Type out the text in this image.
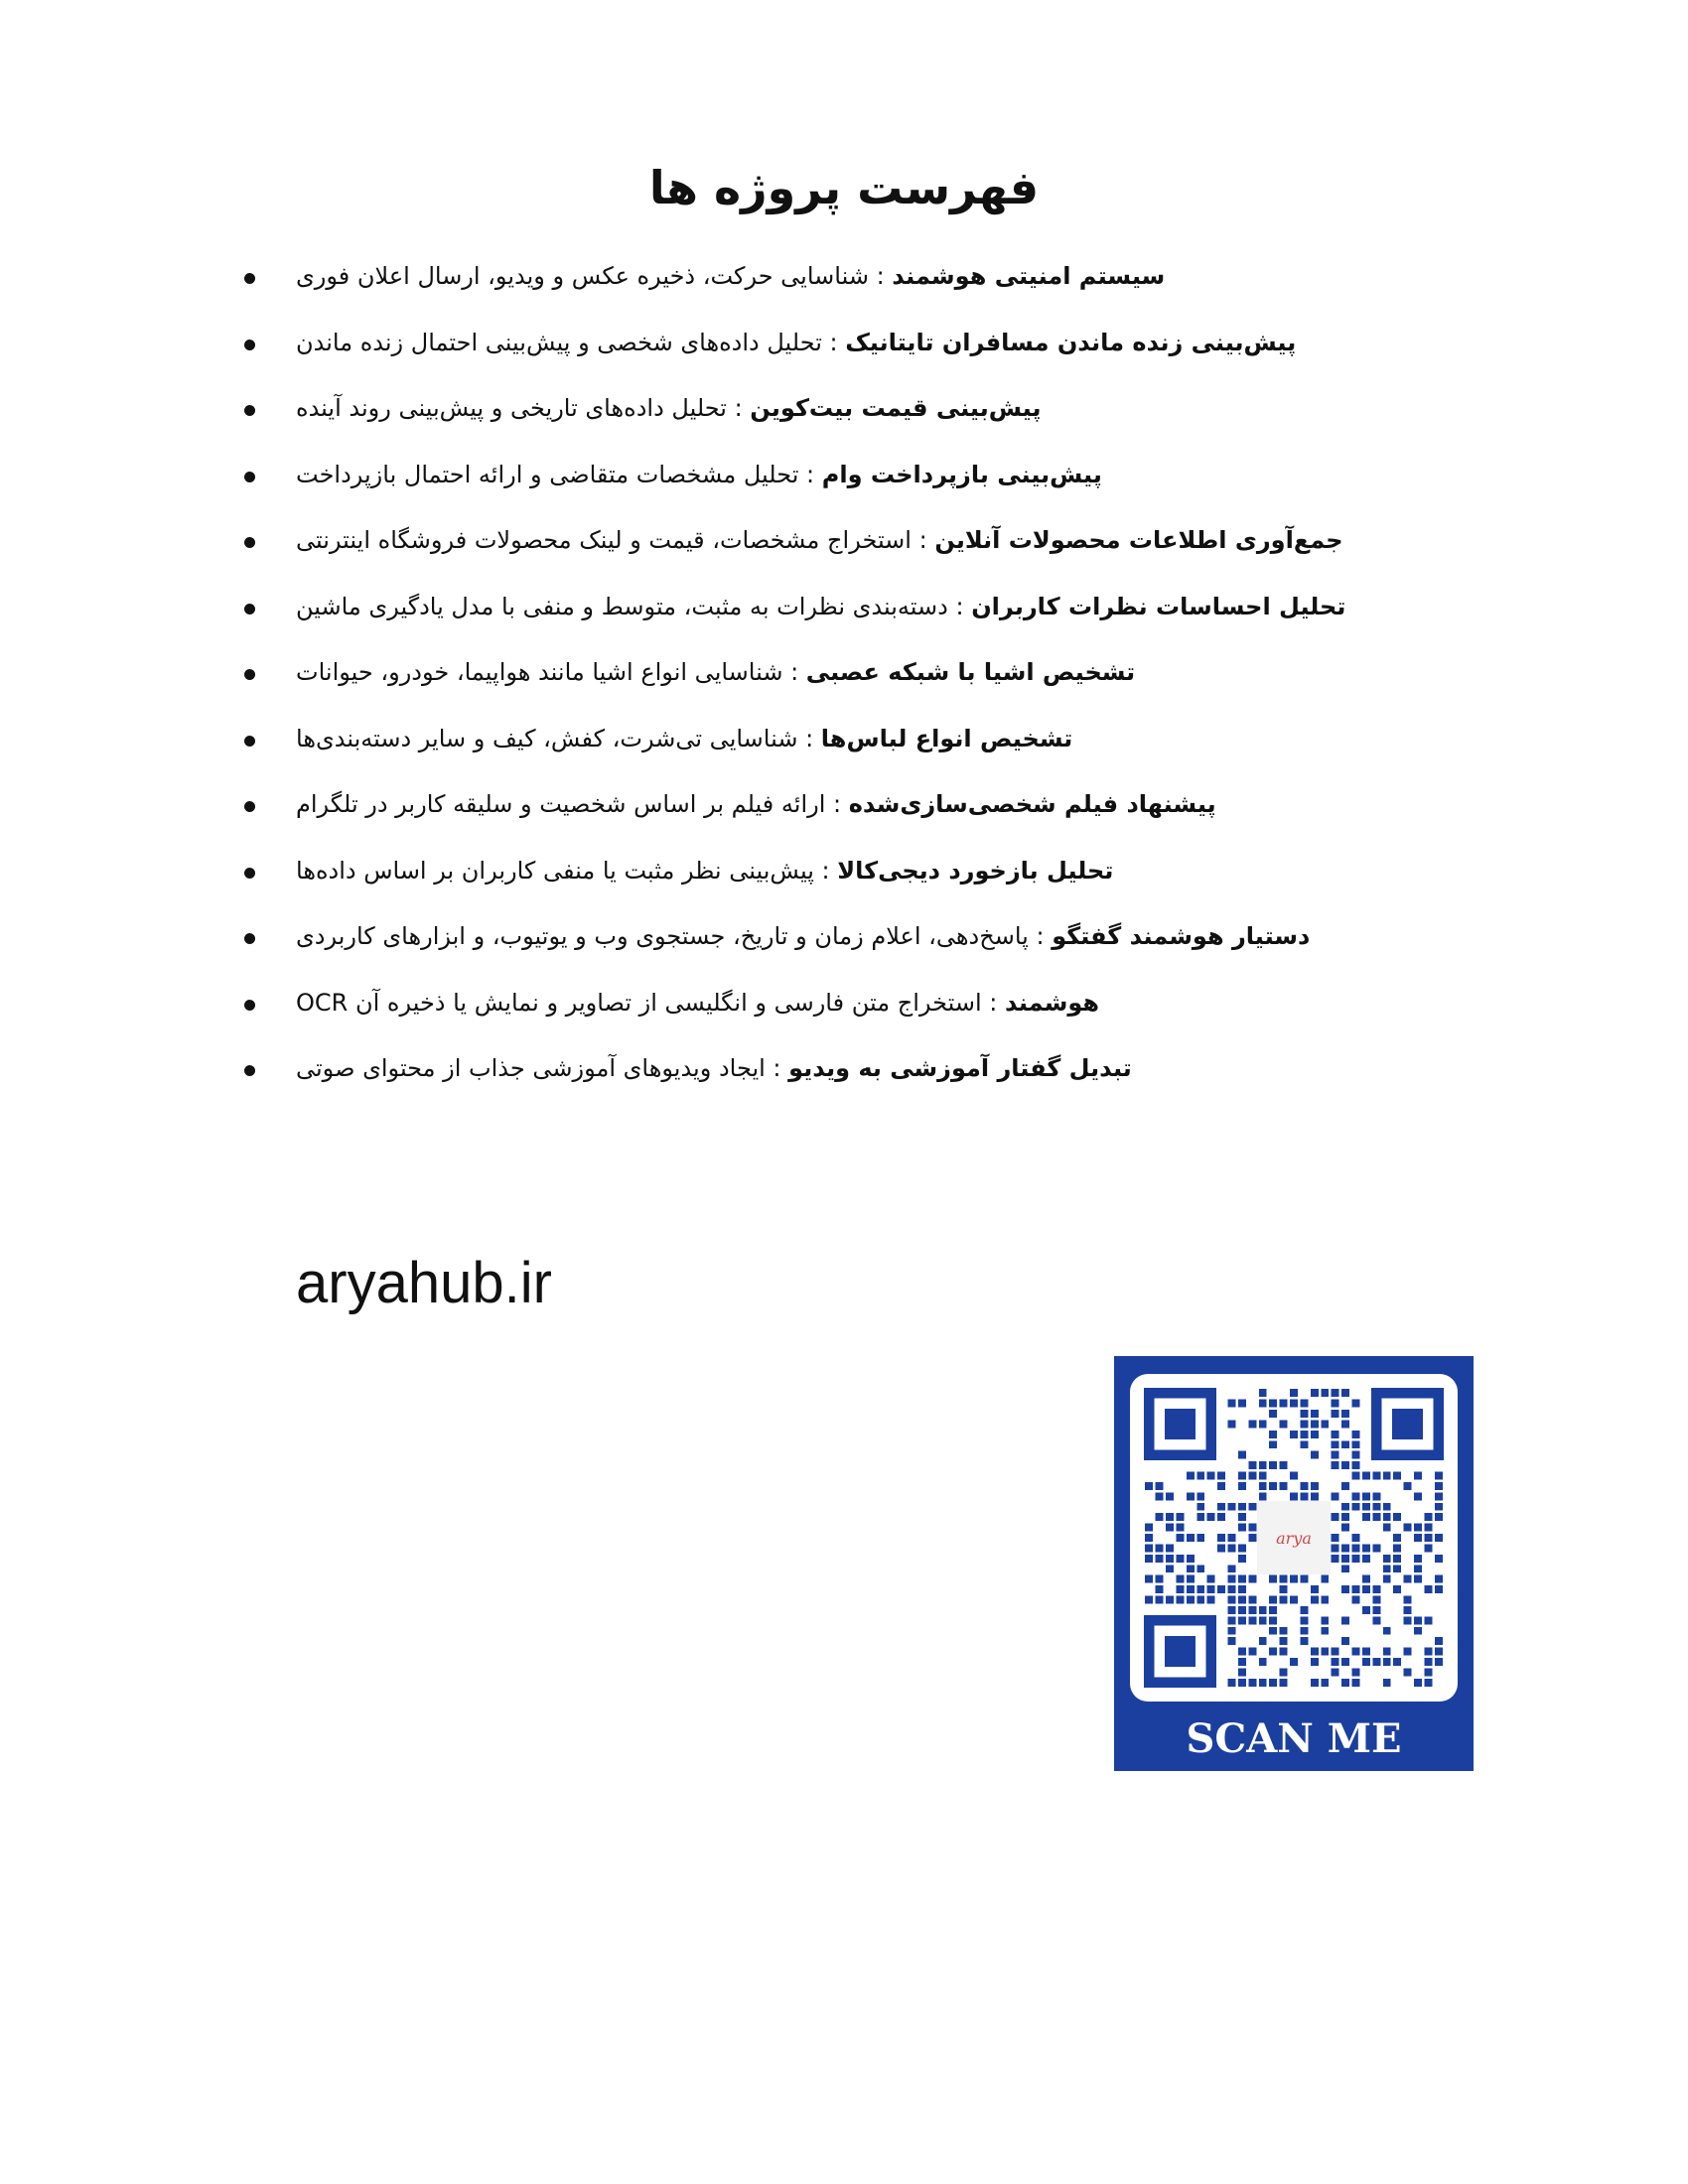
فهرست پروژه ها
سیستم امنیتی هوشمند : شناسایی حرکت، ذخیره عکس و ویدیو، ارسال اعلان فوری
پیش‌بینی زنده ماندن مسافران تایتانیک : تحلیل داده‌های شخصی و پیش‌بینی احتمال زنده ماندن
پیش‌بینی قیمت بیت‌کوین : تحلیل داده‌های تاریخی و پیش‌بینی روند آینده
پیش‌بینی بازپرداخت وام : تحلیل مشخصات متقاضی و ارائه احتمال بازپرداخت
جمع‌آوری اطلاعات محصولات آنلاین : استخراج مشخصات، قیمت و لینک محصولات فروشگاه اینترنتی
تحلیل احساسات نظرات کاربران : دسته‌بندی نظرات به مثبت، متوسط و منفی با مدل یادگیری ماشین
تشخیص اشیا با شبکه عصبی : شناسایی انواع اشیا مانند هواپیما، خودرو، حیوانات
تشخیص انواع لباس‌ها : شناسایی تی‌شرت، کفش، کیف و سایر دسته‌بندی‌ها
پیشنهاد فیلم شخصی‌سازی‌شده : ارائه فیلم بر اساس شخصیت و سلیقه کاربر در تلگرام
تحلیل بازخورد دیجی‌کالا : پیش‌بینی نظر مثبت یا منفی کاربران بر اساس داده‌ها
دستیار هوشمند گفتگو : پاسخ‌دهی، اعلام زمان و تاریخ، جستجوی وب و یوتیوب، و ابزارهای کاربردی
هوشمند : استخراج متن فارسی و انگلیسی از تصاویر و نمایش یا ذخیره آن OCR
تبدیل گفتار آموزشی به ویدیو : ایجاد ویدیوهای آموزشی جذاب از محتوای صوتی
aryahub.ir
arya
SCAN ME
